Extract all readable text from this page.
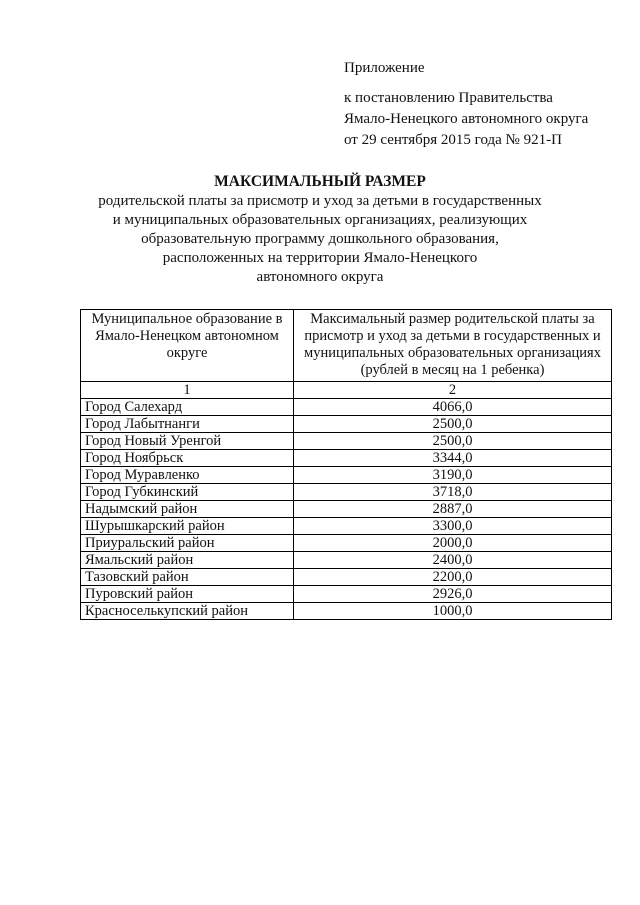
Приложение
к постановлению Правительства
Ямало-Ненецкого автономного округа
от 29 сентября 2015 года № 921-П
МАКСИМАЛЬНЫЙ РАЗМЕР
родительской платы за присмотр и уход за детьми в государственных
и муниципальных образовательных организациях, реализующих
образовательную программу дошкольного образования,
расположенных на территории Ямало-Ненецкого
автономного округа
Муниципальное образование в Ямало-Ненецком автономном округе	Максимальный размер родительской платы за присмотр и уход за детьми в государственных и муниципальных образовательных организациях (рублей в месяц на 1 ребенка)
1	2
Город Салехард	4066,0
Город Лабытнанги	2500,0
Город Новый Уренгой	2500,0
Город Ноябрьск	3344,0
Город Муравленко	3190,0
Город Губкинский	3718,0
Надымский район	2887,0
Шурышкарский район	3300,0
Приуральский район	2000,0
Ямальский район	2400,0
Тазовский район	2200,0
Пуровский район	2926,0
Красноселькупский район	1000,0
